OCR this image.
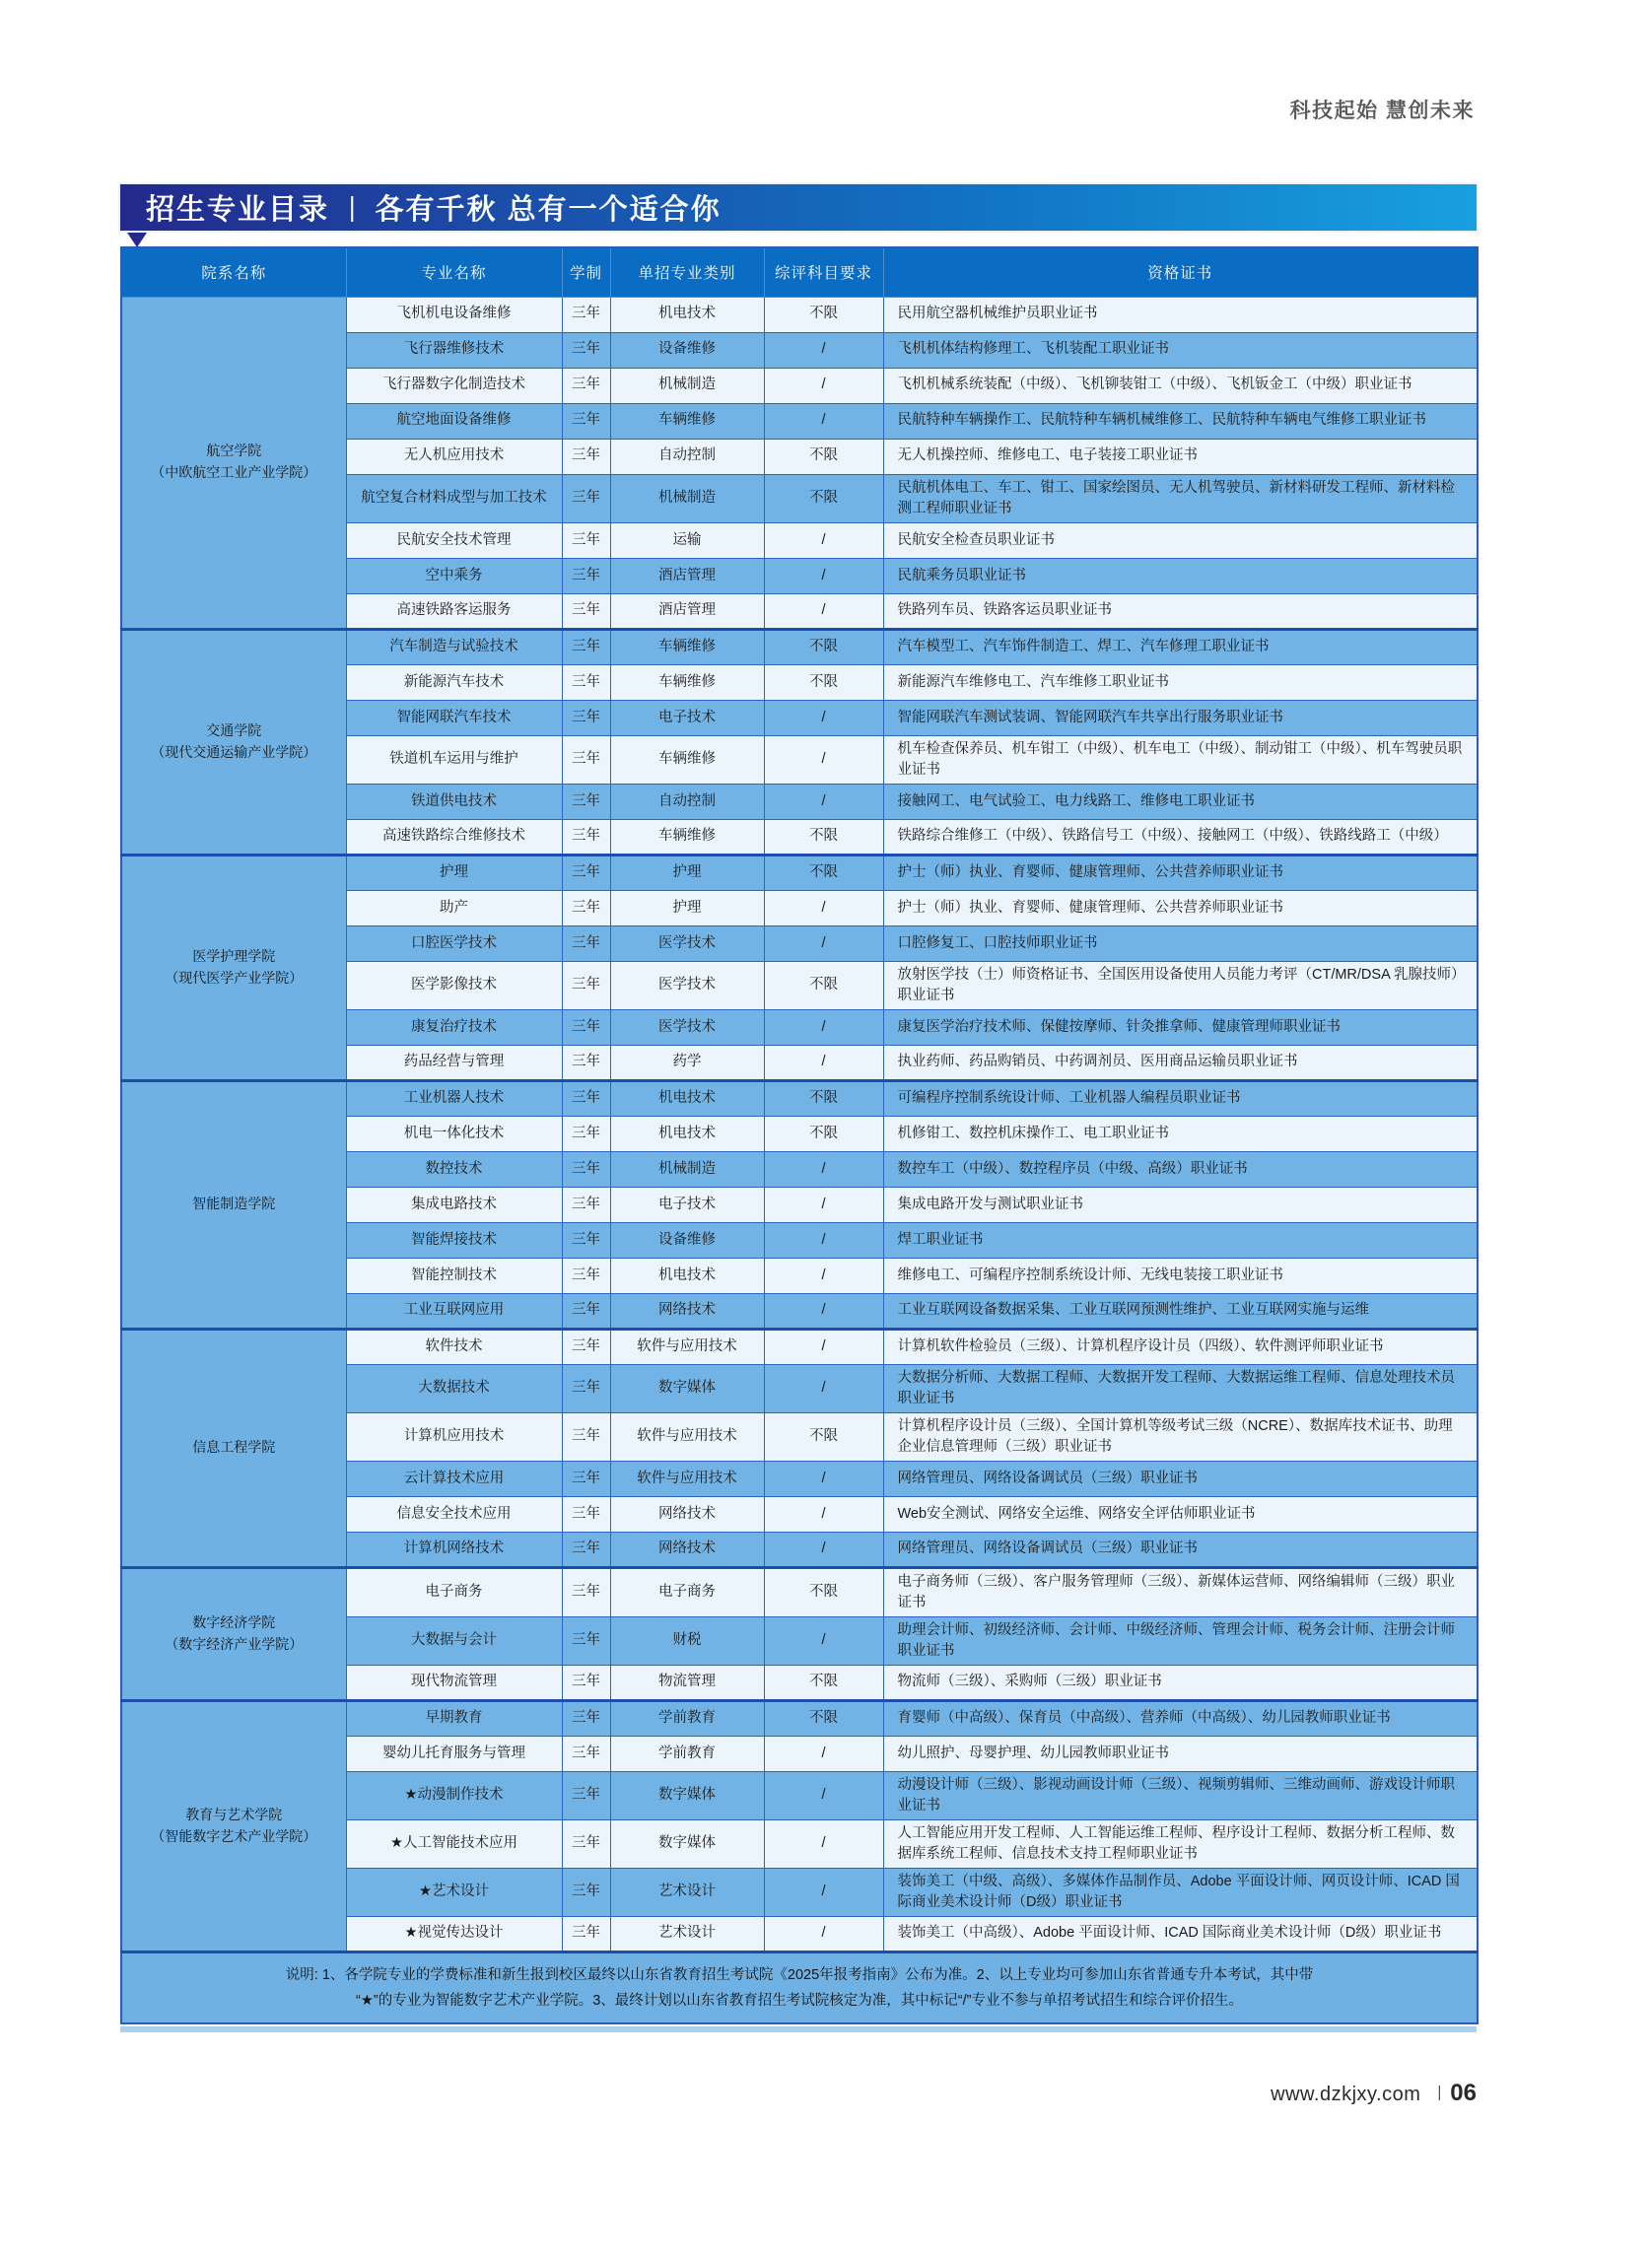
科技起始 慧创未来
招生专业目录 | 各有千秋 总有一个适合你
院系名称	专业名称	学制	单招专业类别	综评科目要求	资格证书

航空学院
（中欧航空工业产业学院）	飞机机电设备维修	三年	机电技术	不限	民用航空器机械维护员职业证书
	飞行器维修技术	三年	设备维修	/	飞机机体结构修理工、飞机装配工职业证书
	飞行器数字化制造技术	三年	机械制造	/	飞机机械系统装配（中级）、飞机铆装钳工（中级）、飞机钣金工（中级）职业证书
	航空地面设备维修	三年	车辆维修	/	民航特种车辆操作工、民航特种车辆机械维修工、民航特种车辆电气维修工职业证书
	无人机应用技术	三年	自动控制	不限	无人机操控师、维修电工、电子装接工职业证书
	航空复合材料成型与加工技术	三年	机械制造	不限	民航机体电工、车工、钳工、国家绘图员、无人机驾驶员、新材料研发工程师、新材料检测工程师职业证书
	民航安全技术管理	三年	运输	/	民航安全检查员职业证书
	空中乘务	三年	酒店管理	/	民航乘务员职业证书
	高速铁路客运服务	三年	酒店管理	/	铁路列车员、铁路客运员职业证书

交通学院
（现代交通运输产业学院）	汽车制造与试验技术	三年	车辆维修	不限	汽车模型工、汽车饰件制造工、焊工、汽车修理工职业证书
	新能源汽车技术	三年	车辆维修	不限	新能源汽车维修电工、汽车维修工职业证书
	智能网联汽车技术	三年	电子技术	/	智能网联汽车测试装调、智能网联汽车共享出行服务职业证书
	铁道机车运用与维护	三年	车辆维修	/	机车检查保养员、机车钳工（中级）、机车电工（中级）、制动钳工（中级）、机车驾驶员职业证书
	铁道供电技术	三年	自动控制	/	接触网工、电气试验工、电力线路工、维修电工职业证书
	高速铁路综合维修技术	三年	车辆维修	不限	铁路综合维修工（中级）、铁路信号工（中级）、接触网工（中级）、铁路线路工（中级）

医学护理学院
（现代医学产业学院）	护理	三年	护理	不限	护士（师）执业、育婴师、健康管理师、公共营养师职业证书
	助产	三年	护理	/	护士（师）执业、育婴师、健康管理师、公共营养师职业证书
	口腔医学技术	三年	医学技术	/	口腔修复工、口腔技师职业证书
	医学影像技术	三年	医学技术	不限	放射医学技（士）师资格证书、全国医用设备使用人员能力考评（CT/MR/DSA 乳腺技师）职业证书
	康复治疗技术	三年	医学技术	/	康复医学治疗技术师、保健按摩师、针灸推拿师、健康管理师职业证书
	药品经营与管理	三年	药学	/	执业药师、药品购销员、中药调剂员、医用商品运输员职业证书

智能制造学院	工业机器人技术	三年	机电技术	不限	可编程序控制系统设计师、工业机器人编程员职业证书
	机电一体化技术	三年	机电技术	不限	机修钳工、数控机床操作工、电工职业证书
	数控技术	三年	机械制造	/	数控车工（中级）、数控程序员（中级、高级）职业证书
	集成电路技术	三年	电子技术	/	集成电路开发与测试职业证书
	智能焊接技术	三年	设备维修	/	焊工职业证书
	智能控制技术	三年	机电技术	/	维修电工、可编程序控制系统设计师、无线电装接工职业证书
	工业互联网应用	三年	网络技术	/	工业互联网设备数据采集、工业互联网预测性维护、工业互联网实施与运维

信息工程学院	软件技术	三年	软件与应用技术	/	计算机软件检验员（三级）、计算机程序设计员（四级）、软件测评师职业证书
	大数据技术	三年	数字媒体	/	大数据分析师、大数据工程师、大数据开发工程师、大数据运维工程师、信息处理技术员职业证书
	计算机应用技术	三年	软件与应用技术	不限	计算机程序设计员（三级）、全国计算机等级考试三级（NCRE）、数据库技术证书、助理企业信息管理师（三级）职业证书
	云计算技术应用	三年	软件与应用技术	/	网络管理员、网络设备调试员（三级）职业证书
	信息安全技术应用	三年	网络技术	/	Web安全测试、网络安全运维、网络安全评估师职业证书
	计算机网络技术	三年	网络技术	/	网络管理员、网络设备调试员（三级）职业证书

数字经济学院
（数字经济产业学院）	电子商务	三年	电子商务	不限	电子商务师（三级）、客户服务管理师（三级）、新媒体运营师、网络编辑师（三级）职业证书
	大数据与会计	三年	财税	/	助理会计师、初级经济师、会计师、中级经济师、管理会计师、税务会计师、注册会计师职业证书
	现代物流管理	三年	物流管理	不限	物流师（三级）、采购师（三级）职业证书

教育与艺术学院
（智能数字艺术产业学院）	早期教育	三年	学前教育	不限	育婴师（中高级）、保育员（中高级）、营养师（中高级）、幼儿园教师职业证书
	婴幼儿托育服务与管理	三年	学前教育	/	幼儿照护、母婴护理、幼儿园教师职业证书
	★动漫制作技术	三年	数字媒体	/	动漫设计师（三级）、影视动画设计师（三级）、视频剪辑师、三维动画师、游戏设计师职业证书
	★人工智能技术应用	三年	数字媒体	/	人工智能应用开发工程师、人工智能运维工程师、程序设计工程师、数据分析工程师、数据库系统工程师、信息技术支持工程师职业证书
	★艺术设计	三年	艺术设计	/	装饰美工（中级、高级）、多媒体作品制作员、Adobe 平面设计师、网页设计师、ICAD 国际商业美术设计师（D级）职业证书
	★视觉传达设计	三年	艺术设计	/	装饰美工（中高级）、Adobe 平面设计师、ICAD 国际商业美术设计师（D级）职业证书

说明: 1、各学院专业的学费标准和新生报到校区最终以山东省教育招生考试院《2025年报考指南》公布为准。2、以上专业均可参加山东省普通专升本考试，其中带
“★”的专业为智能数字艺术产业学院。3、最终计划以山东省教育招生考试院核定为准，其中标记“/”专业不参与单招考试招生和综合评价招生。					
www.dzkjxy.com Ⅰ 06
